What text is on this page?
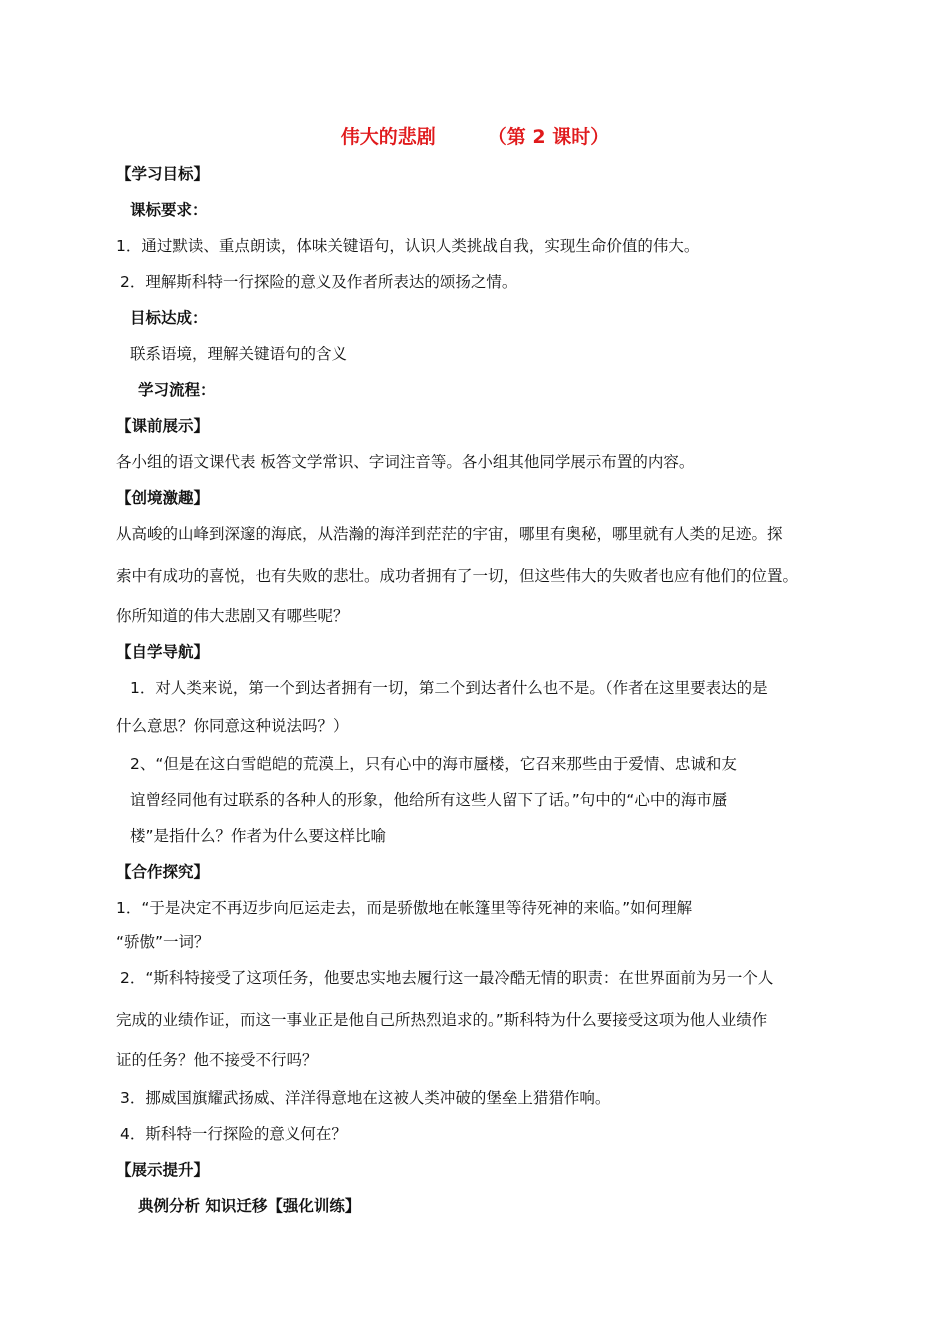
伟大的悲剧	（第 2 课时）
【学习目标】
课标要求：
1．通过默读、重点朗读，体味关键语句，认识人类挑战自我，实现生命价值的伟大。
2．理解斯科特一行探险的意义及作者所表达的颂扬之情。
目标达成：
联系语境，理解关键语句的含义
学习流程：
【课前展示】
各小组的语文课代表 板答文学常识、字词注音等。各小组其他同学展示布置的内容。
【创境激趣】
从高峻的山峰到深邃的海底，从浩瀚的海洋到茫茫的宇宙，哪里有奥秘，哪里就有人类的足迹。探
索中有成功的喜悦，也有失败的悲壮。成功者拥有了一切，但这些伟大的失败者也应有他们的位置。
你所知道的伟大悲剧又有哪些呢？
【自学导航】
1．对人类来说，第一个到达者拥有一切，第二个到达者什么也不是。（作者在这里要表达的是
什么意思？你同意这种说法吗？）
2、“但是在这白雪皑皑的荒漠上，只有心中的海市蜃楼，它召来那些由于爱情、忠诚和友
谊曾经同他有过联系的各种人的形象，他给所有这些人留下了话。”句中的“心中的海市蜃
楼”是指什么？作者为什么要这样比喻
【合作探究】
1．“于是决定不再迈步向厄运走去，而是骄傲地在帐篷里等待死神的来临。”如何理解
“骄傲”一词？
2．“斯科特接受了这项任务，他要忠实地去履行这一最冷酷无情的职责：在世界面前为另一个人
完成的业绩作证，而这一事业正是他自己所热烈追求的。”斯科特为什么要接受这项为他人业绩作
证的任务？他不接受不行吗？
3．挪威国旗耀武扬威、洋洋得意地在这被人类冲破的堡垒上猎猎作响。
4．斯科特一行探险的意义何在？
【展示提升】
典例分析 知识迁移【强化训练】
